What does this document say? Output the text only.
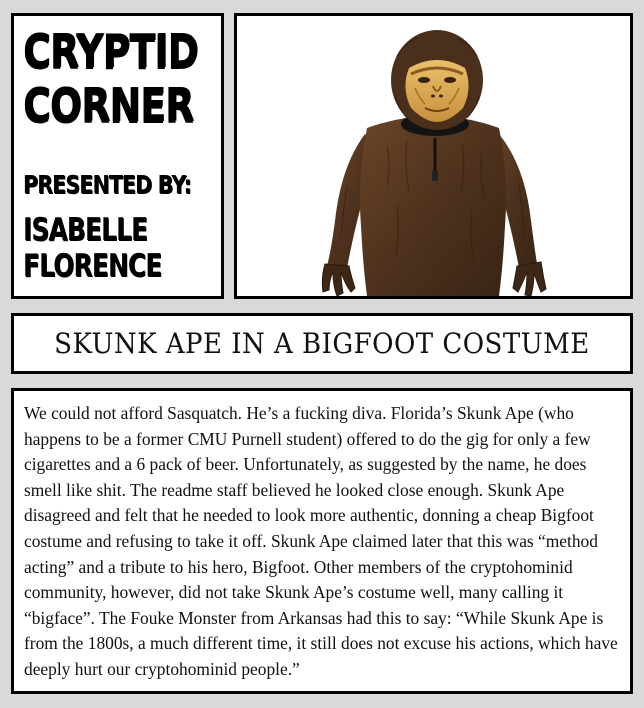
CRYPTID
CORNER
PRESENTED BY:
ISABELLE
FLORENCE
SKUNK APE IN A BIGFOOT COSTUME

We could not afford Sasquatch. He’s a fucking diva. Florida’s Skunk Ape (who happens to be a former CMU Purnell student) offered to do the gig for only a few cigarettes and a 6 pack of beer. Unfortunately, as suggested by the name, he does smell like shit. The readme staff believed he looked close enough. Skunk Ape disagreed and felt that he needed to look more authentic, donning a cheap Bigfoot costume and refusing to take it off. Skunk Ape claimed later that this was “method acting” and a tribute to his hero, Bigfoot. Other members of the cryptohominid community, however, did not take Skunk Ape’s costume well, many calling it “bigface”. The Fouke Monster from Arkansas had this to say: “While Skunk Ape is from the 1800s, a much different time, it still does not excuse his actions, which have deeply hurt our cryptohominid people.”
